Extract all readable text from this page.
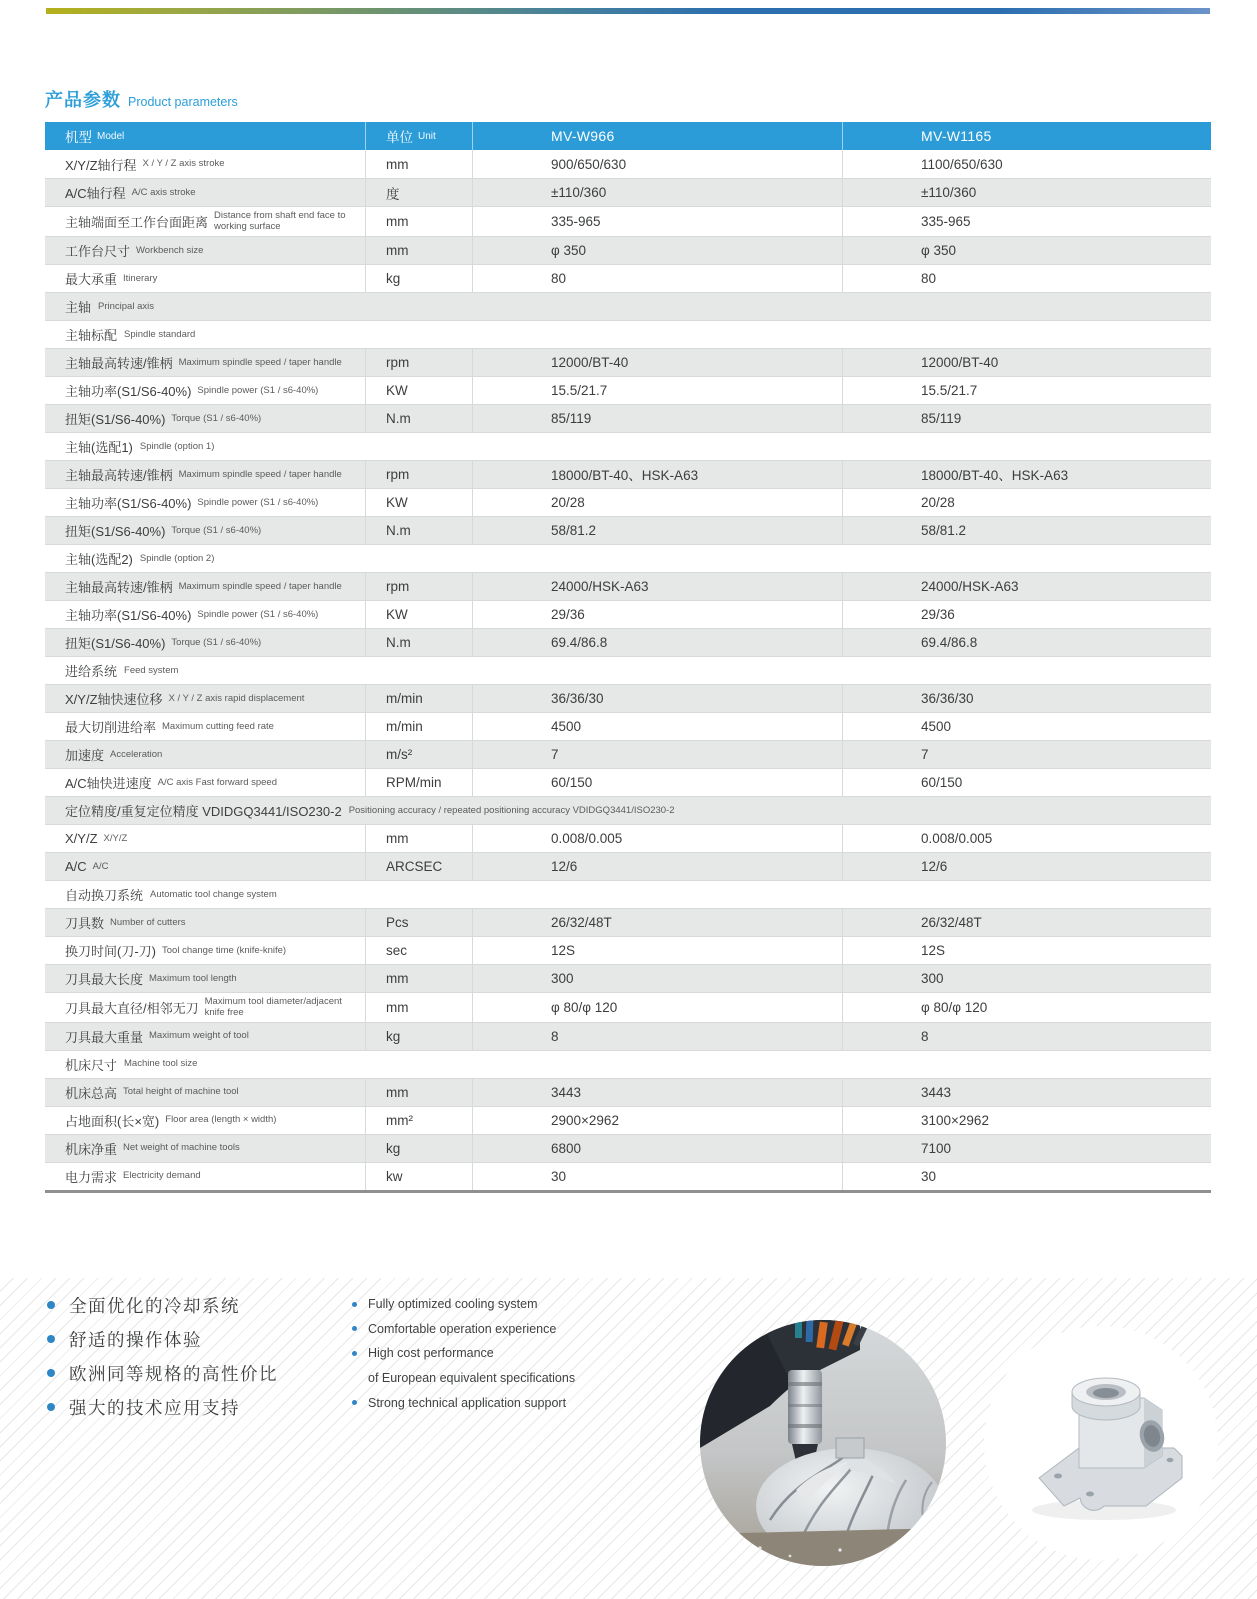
产品参数 Product parameters
机型 Model	单位 Unit	MV-W966	MV-W1165
X/Y/Z轴行程 X / Y / Z axis stroke	mm	900/650/630	1100/650/630
A/C轴行程 A/C axis stroke	度	±110/360	±110/360
主轴端面至工作台面距离 Distance from shaft end face to working surface	mm	335-965	335-965
工作台尺寸 Workbench size	mm	φ 350	φ 350
最大承重 Itinerary	kg	80	80
主轴 Principal axis
主轴标配 Spindle standard
主轴最高转速/锥柄 Maximum spindle speed / taper handle	rpm	12000/BT-40	12000/BT-40
主轴功率(S1/S6-40%) Spindle power (S1 / s6-40%)	KW	15.5/21.7	15.5/21.7
扭矩(S1/S6-40%) Torque (S1 / s6-40%)	N.m	85/119	85/119
主轴(选配1) Spindle (option 1)
主轴最高转速/锥柄 Maximum spindle speed / taper handle	rpm	18000/BT-40、HSK-A63	18000/BT-40、HSK-A63
主轴功率(S1/S6-40%) Spindle power (S1 / s6-40%)	KW	20/28	20/28
扭矩(S1/S6-40%) Torque (S1 / s6-40%)	N.m	58/81.2	58/81.2
主轴(选配2) Spindle (option 2)
主轴最高转速/锥柄 Maximum spindle speed / taper handle	rpm	24000/HSK-A63	24000/HSK-A63
主轴功率(S1/S6-40%) Spindle power (S1 / s6-40%)	KW	29/36	29/36
扭矩(S1/S6-40%) Torque (S1 / s6-40%)	N.m	69.4/86.8	69.4/86.8
进给系统 Feed system
X/Y/Z轴快速位移 X / Y / Z axis rapid displacement	m/min	36/36/30	36/36/30
最大切削进给率 Maximum cutting feed rate	m/min	4500	4500
加速度 Acceleration	m/s²	7	7
A/C轴快进速度 A/C axis Fast forward speed	RPM/min	60/150	60/150
定位精度/重复定位精度 VDIDGQ3441/ISO230-2 Positioning accuracy / repeated positioning accuracy VDIDGQ3441/ISO230-2
X/Y/Z X/Y/Z	mm	0.008/0.005	0.008/0.005
A/C A/C	ARCSEC	12/6	12/6
自动换刀系统 Automatic tool change system
刀具数 Number of cutters	Pcs	26/32/48T	26/32/48T
换刀时间(刀-刀) Tool change time (knife-knife)	sec	12S	12S
刀具最大长度 Maximum tool length	mm	300	300
刀具最大直径/相邻无刀 Maximum tool diameter/adjacent knife free	mm	φ 80/φ 120	φ 80/φ 120
刀具最大重量 Maximum weight of tool	kg	8	8
机床尺寸 Machine tool size
机床总高 Total height of machine tool	mm	3443	3443
占地面积(长×宽) Floor area (length × width)	mm²	2900×2962	3100×2962
机床净重 Net weight of machine tools	kg	6800	7100
电力需求 Electricity demand	kw	30	30
全面优化的冷却系统
舒适的操作体验
欧洲同等规格的高性价比
强大的技术应用支持
Fully optimized cooling system
Comfortable operation experience
High cost performance
of European equivalent specifications
Strong technical application support
